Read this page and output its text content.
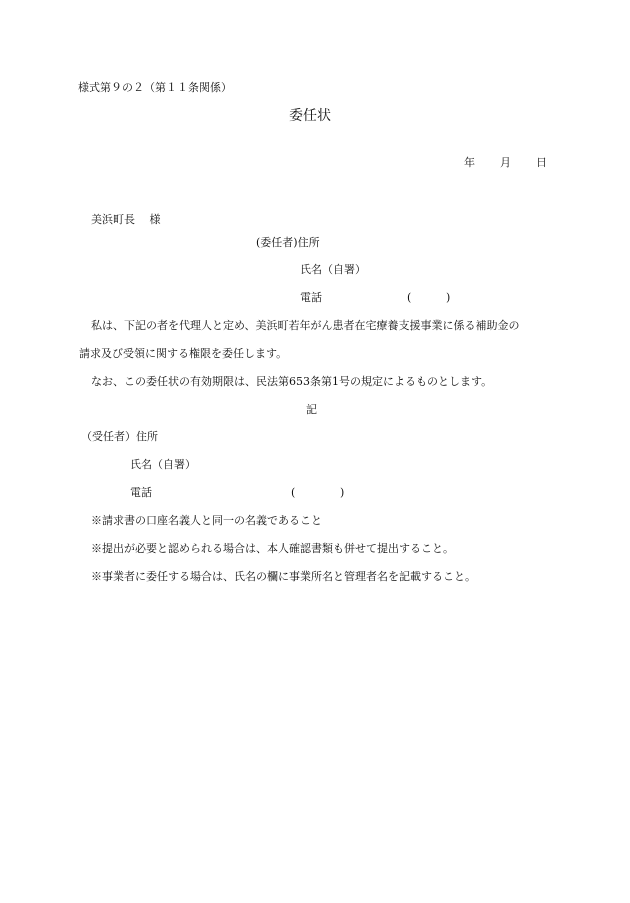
様式第９の２（第１１条関係）
委任状
年 月 日
美浜町長　 様
(委任者)住所
氏名（自署）
電話	(	)
私は、下記の者を代理人と定め、美浜町若年がん患者在宅療養支援事業に係る補助金の
請求及び受領に関する権限を委任します。
なお、この委任状の有効期限は、民法第653条第1号の規定によるものとします。
記
（受任者）住所
氏名（自署）
電話	(	)
※請求書の口座名義人と同一の名義であること
※提出が必要と認められる場合は、本人確認書類も併せて提出すること。
※事業者に委任する場合は、氏名の欄に事業所名と管理者名を記載すること。
